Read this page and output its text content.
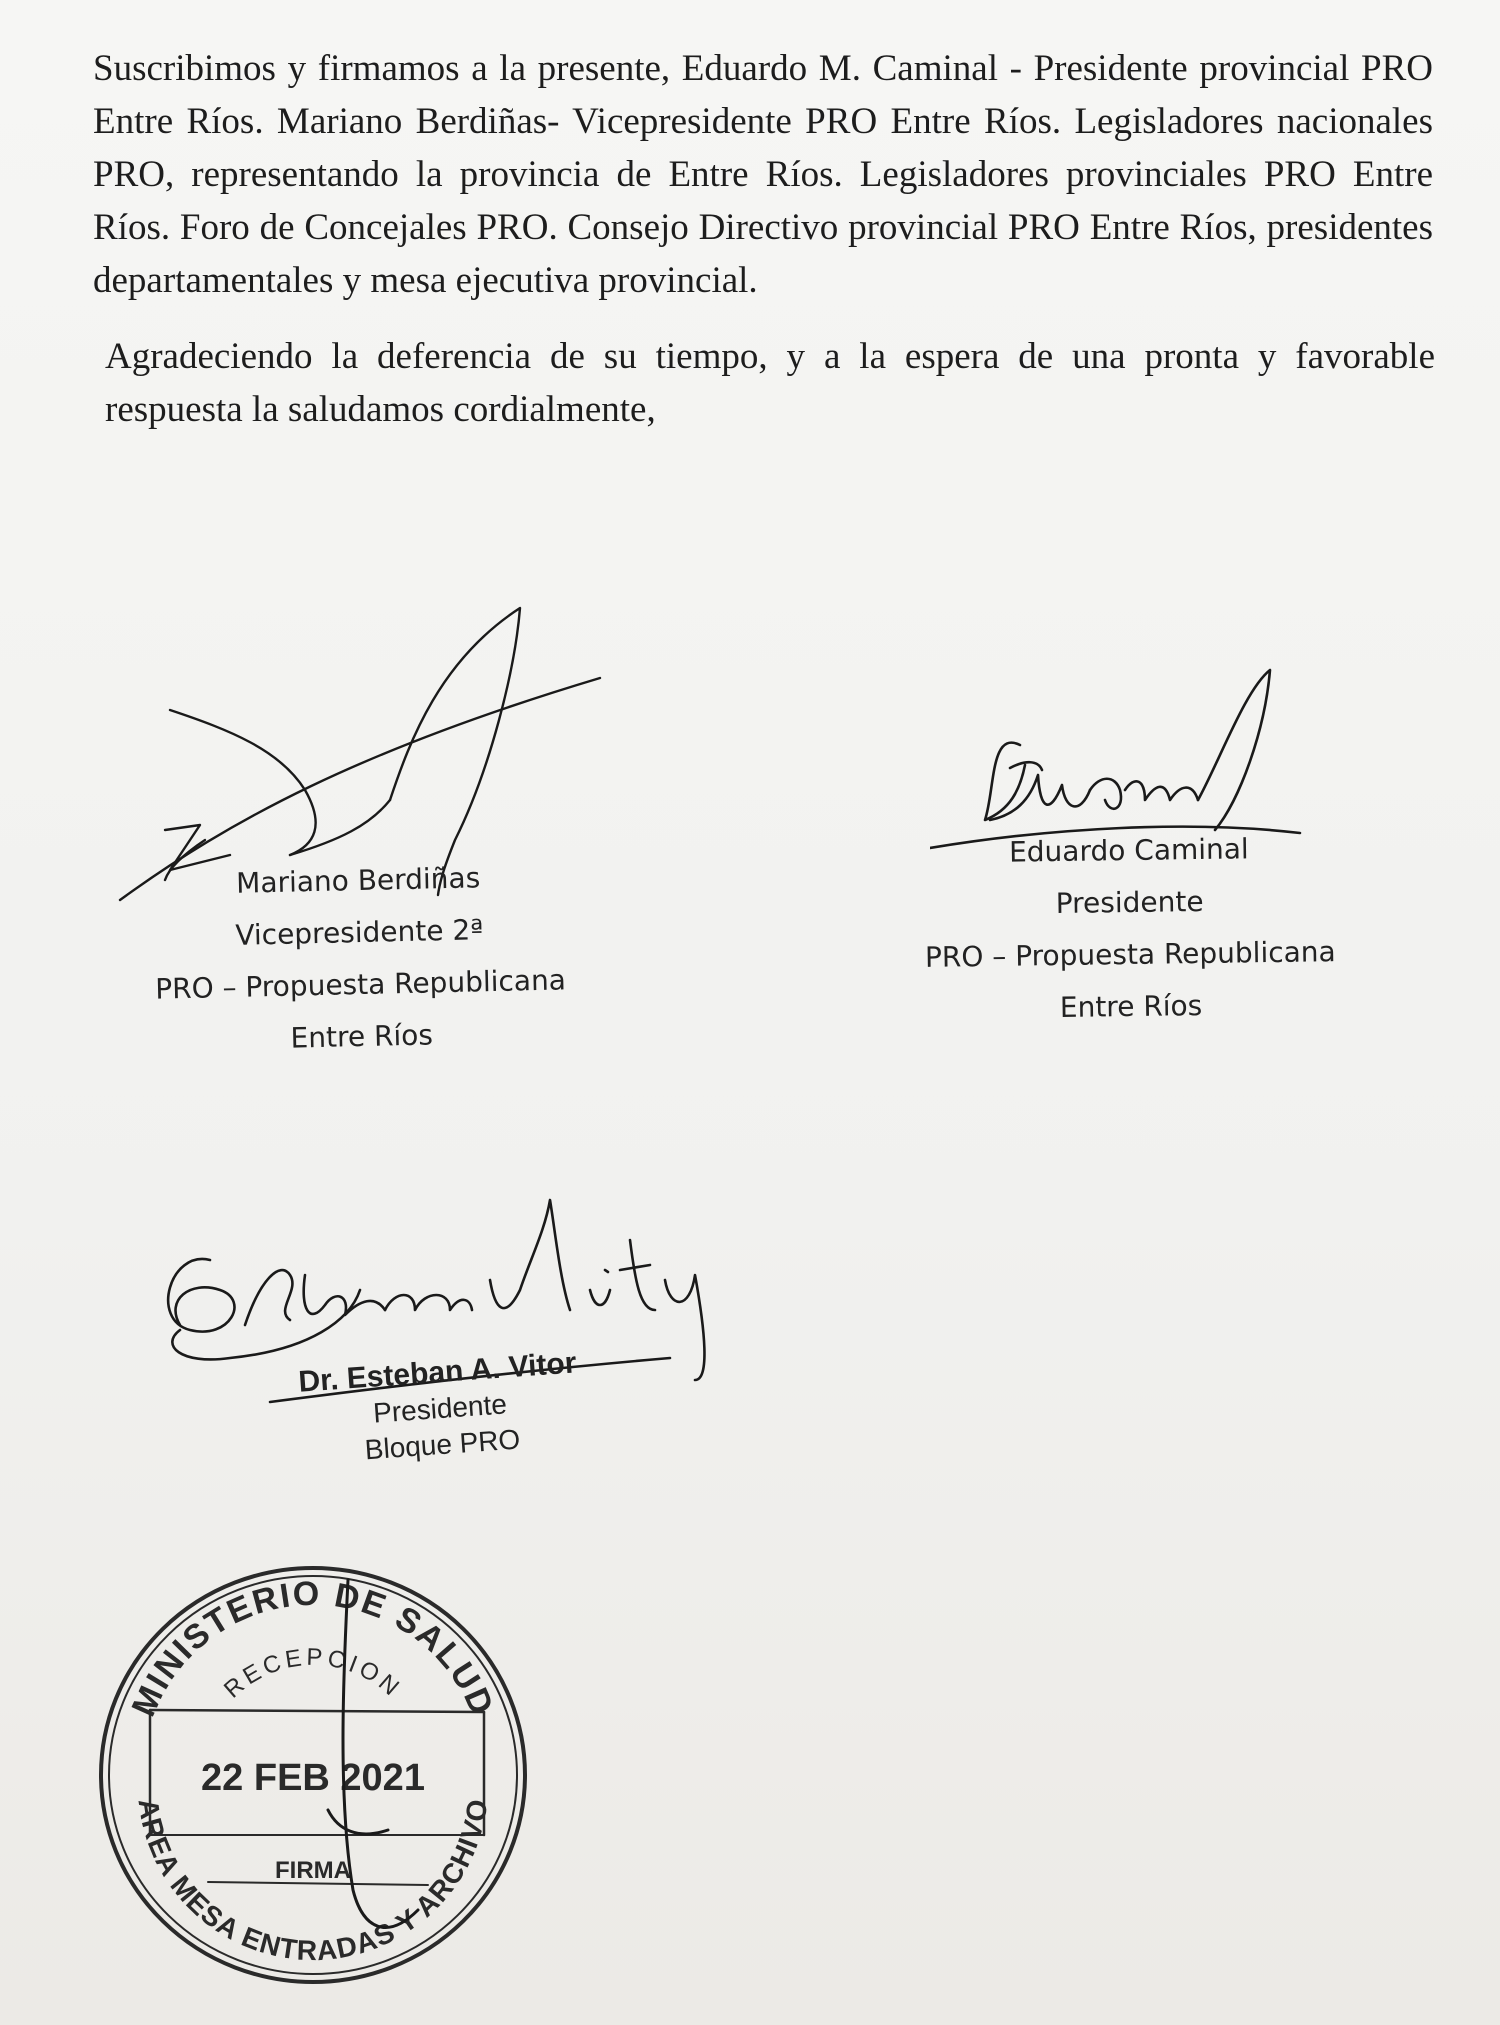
Suscribimos y firmamos a la presente, Eduardo M. Caminal - Presidente provincial PRO Entre Ríos. Mariano Berdiñas- Vicepresidente PRO Entre Ríos. Legisladores nacionales PRO, representando la provincia de Entre Ríos. Legisladores provinciales PRO Entre Ríos. Foro de Concejales PRO. Consejo Directivo provincial PRO Entre Ríos, presidentes departamentales y mesa ejecutiva provincial.

Agradeciendo la deferencia de su tiempo, y a la espera de una pronta y favorable respuesta la saludamos cordialmente,

Mariano Berdiñas
Vicepresidente 2ª
PRO – Propuesta Republicana
Entre Ríos
Eduardo Caminal
Presidente
PRO – Propuesta Republicana
Entre Ríos
Dr. Esteban A. Vitor
Presidente
Bloque PRO
MINISTERIO DE SALUD
RECEPCION
22 FEB 2021
FIRMA
AREA MESA ENTRADAS Y ARCHIVO
